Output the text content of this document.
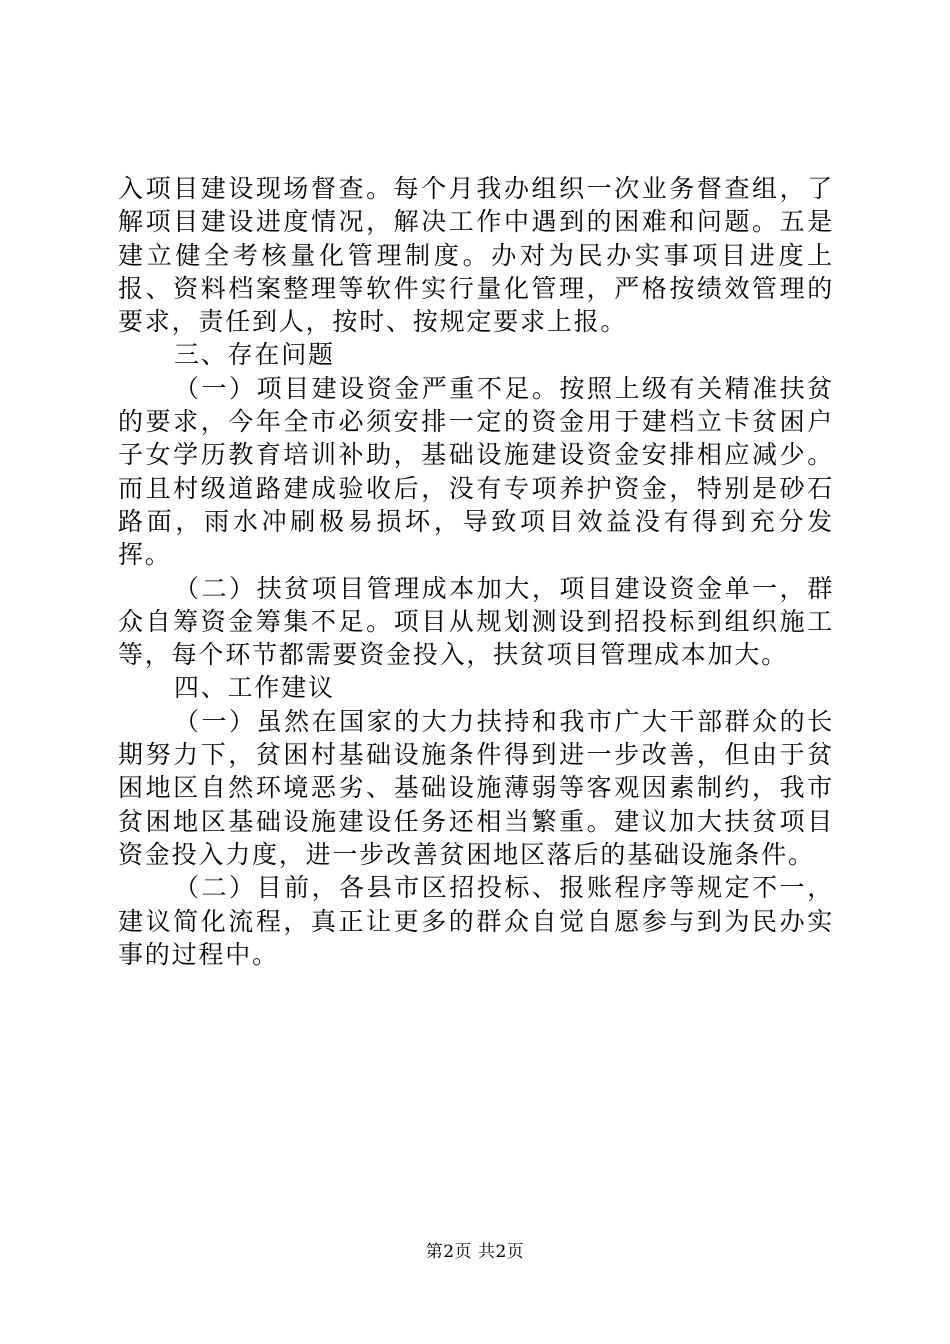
入项目建设现场督查。每个月我办组织一次业务督查组，了解项目建设进度情况，解决工作中遇到的困难和问题。五是建立健全考核量化管理制度。办对为民办实事项目进度上报、资料档案整理等软件实行量化管理，严格按绩效管理的要求，责任到人，按时、按规定要求上报。

三、存在问题

（一）项目建设资金严重不足。按照上级有关精准扶贫的要求，今年全市必须安排一定的资金用于建档立卡贫困户子女学历教育培训补助，基础设施建设资金安排相应减少。而且村级道路建成验收后，没有专项养护资金，特别是砂石路面，雨水冲刷极易损坏，导致项目效益没有得到充分发挥。

（二）扶贫项目管理成本加大，项目建设资金单一，群众自筹资金筹集不足。项目从规划测设到招投标到组织施工等，每个环节都需要资金投入，扶贫项目管理成本加大。

四、工作建议

（一）虽然在国家的大力扶持和我市广大干部群众的长期努力下，贫困村基础设施条件得到进一步改善，但由于贫困地区自然环境恶劣、基础设施薄弱等客观因素制约，我市贫困地区基础设施建设任务还相当繁重。建议加大扶贫项目资金投入力度，进一步改善贫困地区落后的基础设施条件。

（二）目前，各县市区招投标、报账程序等规定不一，建议简化流程，真正让更多的群众自觉自愿参与到为民办实事的过程中。

第2页 共2页
